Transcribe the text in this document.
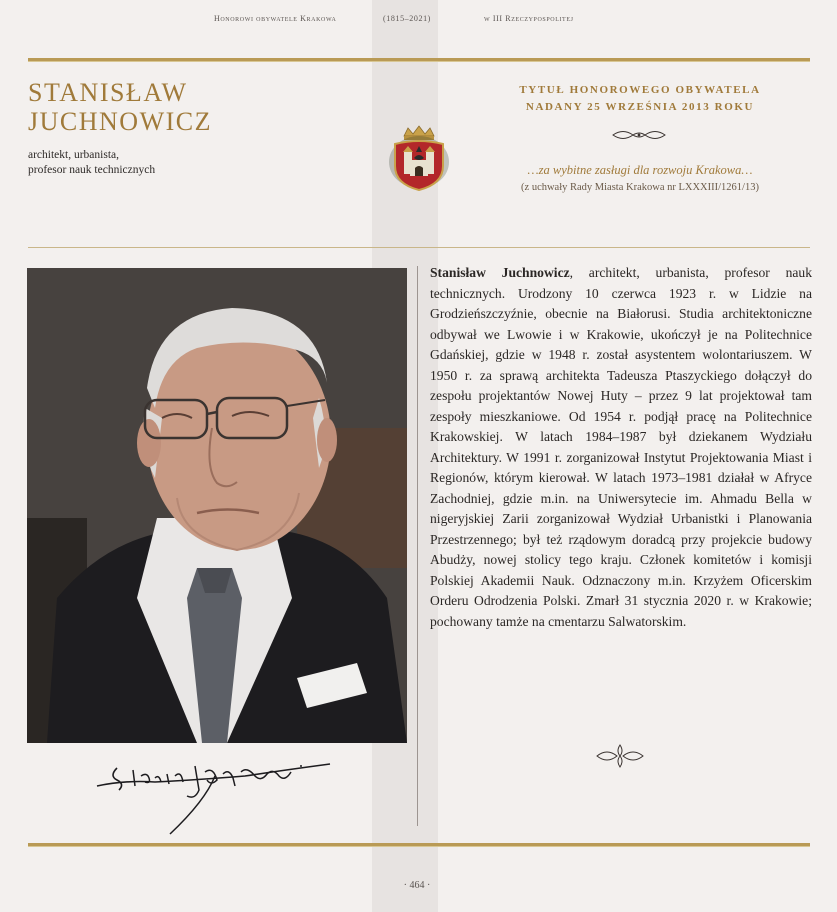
Honorowi obywatele Krakowa	(1815–2021)	w III Rzeczypospolitej
STANISŁAW
JUCHNOWICZ
architekt, urbanista,
profesor nauk technicznych
TYTUŁ HONOROWEGO OBYWATELA
NADANY 25 WRZEŚNIA 2013 ROKU
…za wybitne zasługi dla rozwoju Krakowa…
(z uchwały Rady Miasta Krakowa nr LXXXIII/1261/13)
Stanisław Juchnowicz, architekt, urbanista, profesor nauk technicznych. Urodzony 10 czerwca 1923 r. w Lidzie na Grodzieńszczyźnie, obecnie na Białorusi. Studia architektoniczne odbywał we Lwowie i w Krakowie, ukończył je na Politechnice Gdańskiej, gdzie w 1948 r. został asystentem wolontariuszem. W 1950 r. za sprawą architekta Tadeusza Ptaszyckiego dołączył do zespołu projektantów Nowej Huty – przez 9 lat projektował tam zespoły mieszkaniowe. Od 1954 r. podjął pracę na Politechnice Krakowskiej. W latach 1984–1987 był dziekanem Wydziału Architektury. W 1991 r. zorganizował Instytut Projektowania Miast i Regionów, którym kierował. W latach 1973–1981 działał w Afryce Zachodniej, gdzie m.in. na Uniwersytecie im. Ahmadu Bella w nigeryjskiej Zarii zorganizował Wydział Urbanistki i Planowania Przestrzennego; był też rządowym doradcą przy projekcie budowy Abudży, nowej stolicy tego kraju. Członek komitetów i komisji Polskiej Akademii Nauk. Odznaczony m.in. Krzyżem Oficerskim Orderu Odrodzenia Polski. Zmarł 31 stycznia 2020 r. w Krakowie; pochowany tamże na cmentarzu Salwatorskim.
· 464 ·
